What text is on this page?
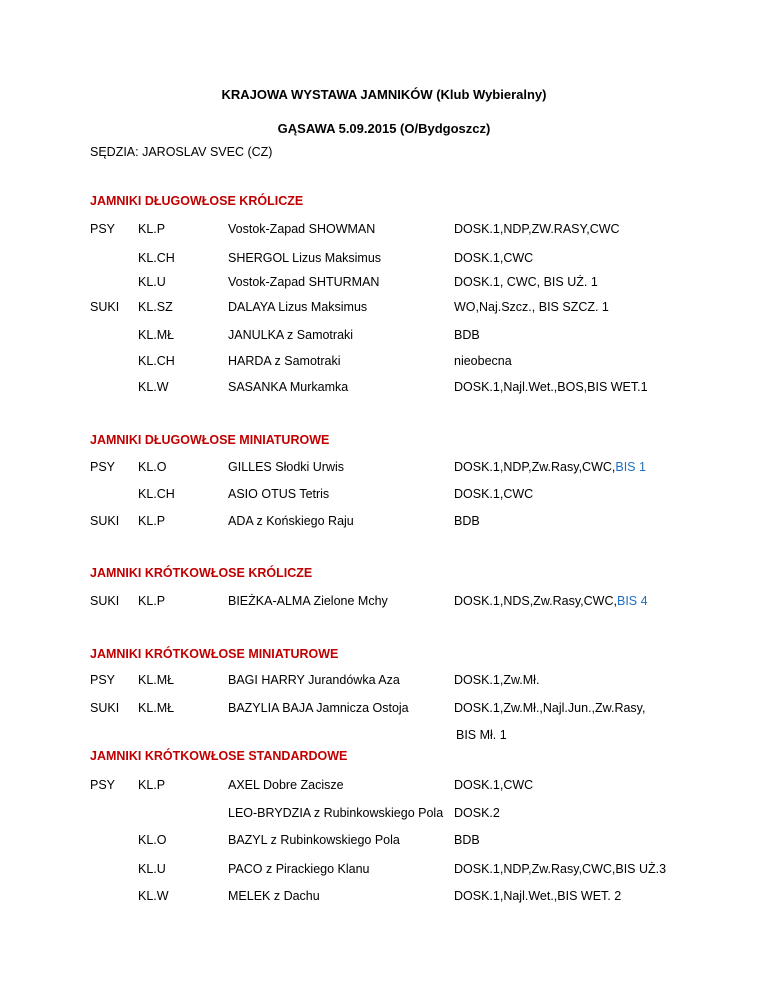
KRAJOWA WYSTAWA JAMNIKÓW (Klub Wybieralny)
GĄSAWA 5.09.2015 (O/Bydgoszcz)
SĘDZIA: JAROSLAV SVEC (CZ)
JAMNIKI DŁUGOWŁOSE KRÓLICZE
PSY KL.P	Vostok-Zapad SHOWMAN	DOSK.1,NDP,ZW.RASY,CWC
KL.CH	SHERGOL Lizus Maksimus	DOSK.1,CWC
KL.U	Vostok-Zapad SHTURMAN	DOSK.1, CWC, BIS UŻ. 1
SUKI KL.SZ	DALAYA Lizus Maksimus	WO,Naj.Szcz., BIS SZCZ. 1
KL.MŁ	JANULKA z Samotraki	BDB
KL.CH	HARDA z Samotraki	nieobecna
KL.W	SASANKA Murkamka	DOSK.1,Najl.Wet.,BOS,BIS WET.1
JAMNIKI DŁUGOWŁOSE MINIATUROWE
PSY KL.O	GILLES Słodki Urwis	DOSK.1,NDP,Zw.Rasy,CWC,BIS 1
KL.CH	ASIO OTUS Tetris	DOSK.1,CWC
SUKI KL.P	ADA z Końskiego Raju	BDB
JAMNIKI KRÓTKOWŁOSE KRÓLICZE
SUKI KL.P	BIEŻKA-ALMA Zielone Mchy	DOSK.1,NDS,Zw.Rasy,CWC,BIS 4
JAMNIKI KRÓTKOWŁOSE MINIATUROWE
PSY KL.MŁ	BAGI HARRY Jurandówka Aza	DOSK.1,Zw.Mł.
SUKI KL.MŁ	BAZYLIA BAJA Jamnicza Ostoja	DOSK.1,Zw.Mł.,Najl.Jun.,Zw.Rasy,
BIS Mł. 1
JAMNIKI KRÓTKOWŁOSE STANDARDOWE
PSY KL.P	AXEL Dobre Zacisze	DOSK.1,CWC
LEO-BRYDZIA z Rubinkowskiego Pola DOSK.2
KL.O	BAZYL z Rubinkowskiego Pola	BDB
KL.U	PACO z Pirackiego Klanu	DOSK.1,NDP,Zw.Rasy,CWC,BIS UŻ.3
KL.W	MELEK z Dachu	DOSK.1,Najl.Wet.,BIS WET. 2
